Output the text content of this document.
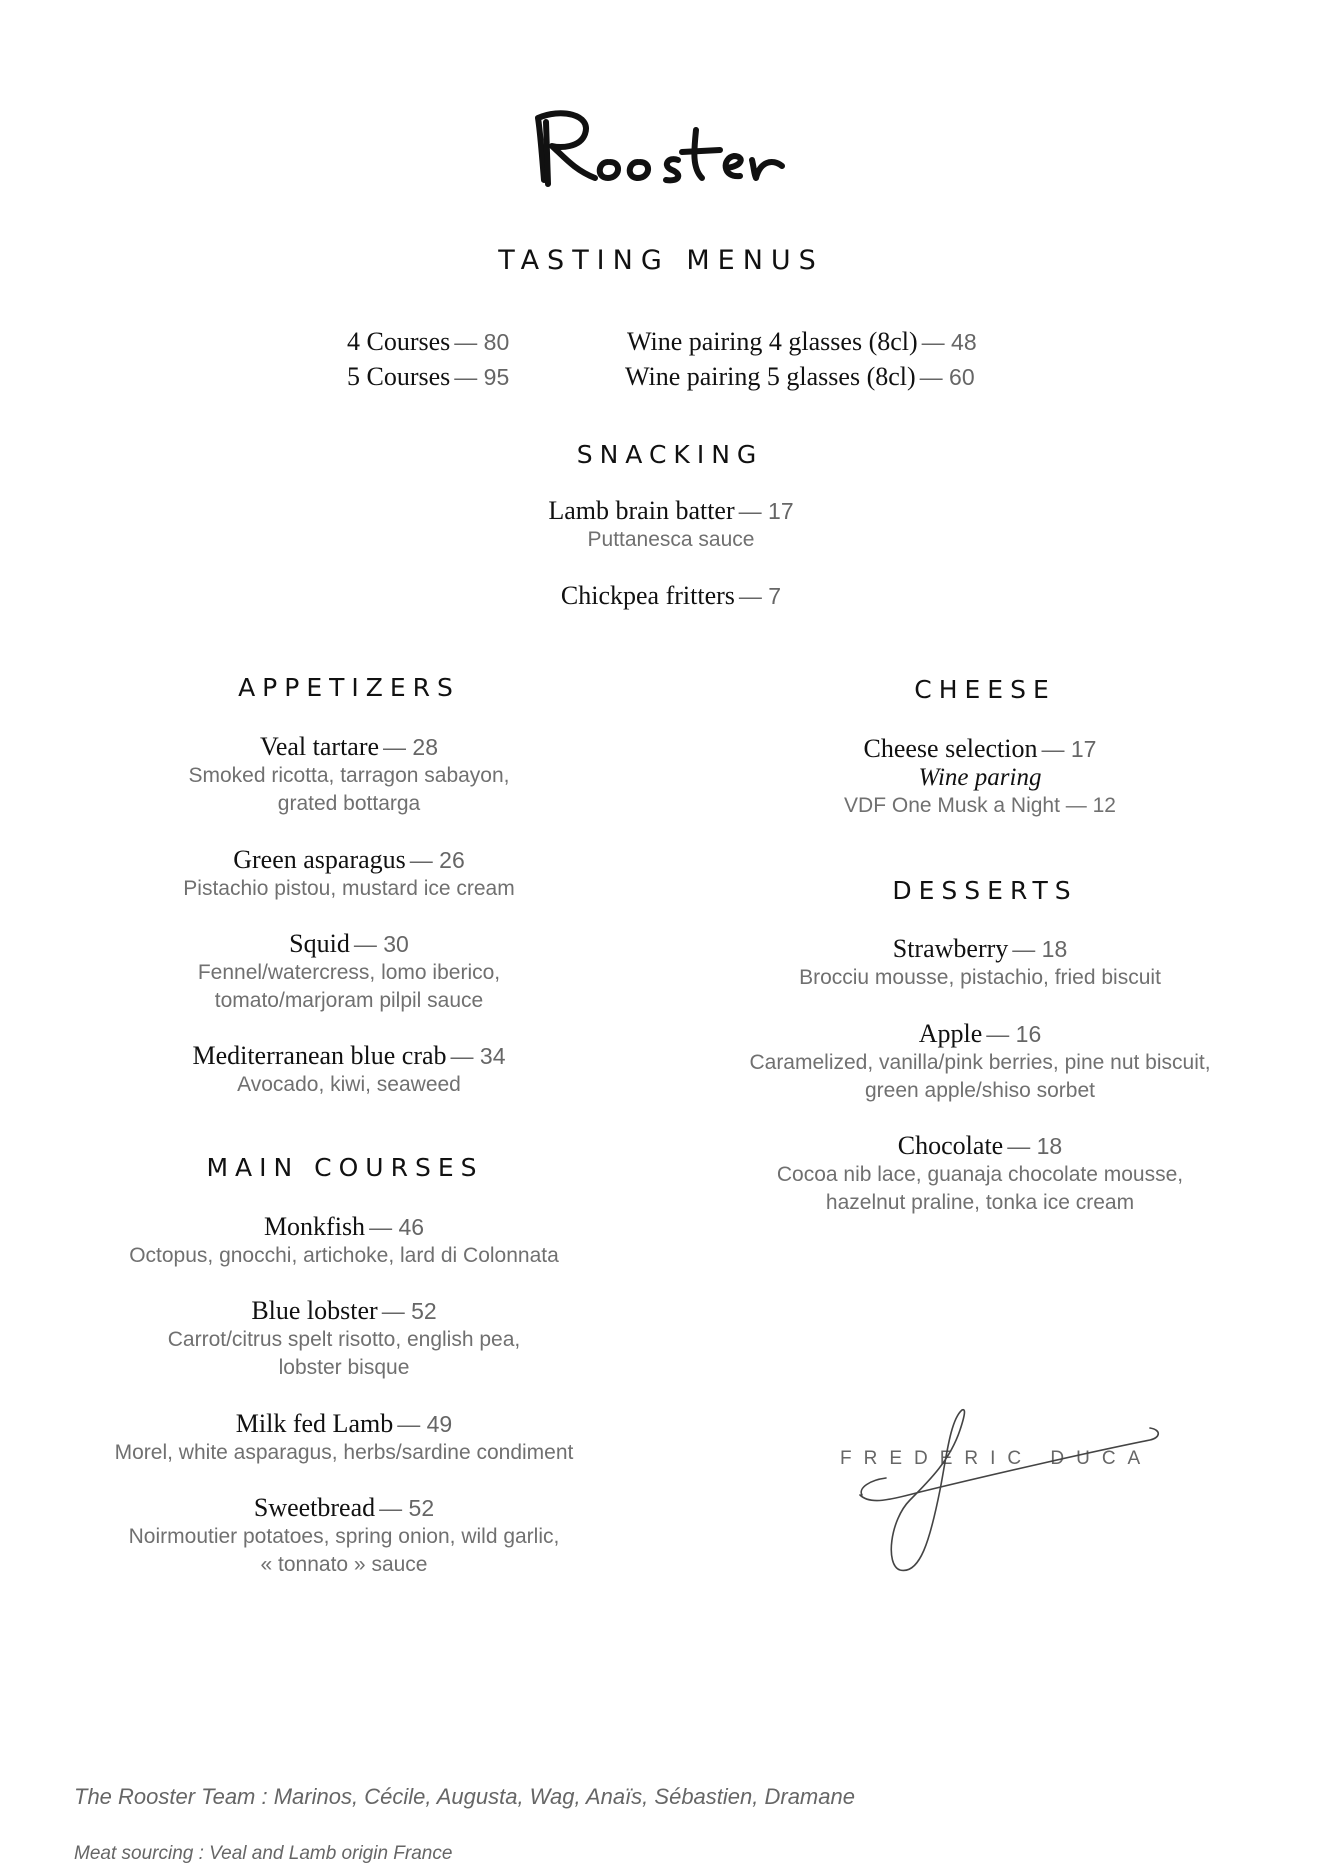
TASTING MENUS
4 Courses — 80
5 Courses — 95
Wine pairing 4 glasses (8cl) — 48
Wine pairing 5 glasses (8cl) — 60
SNACKING
Lamb brain batter — 17
Puttanesca sauce
Chickpea fritters — 7
APPETIZERS
Veal tartare — 28
Smoked ricotta, tarragon sabayon,
grated bottarga
Green asparagus — 26
Pistachio pistou, mustard ice cream
Squid — 30
Fennel/watercress, lomo iberico,
tomato/marjoram pilpil sauce
Mediterranean blue crab — 34
Avocado, kiwi, seaweed
MAIN COURSES
Monkfish — 46
Octopus, gnocchi, artichoke, lard di Colonnata
Blue lobster — 52
Carrot/citrus spelt risotto, english pea,
lobster bisque
Milk fed Lamb — 49
Morel, white asparagus, herbs/sardine condiment
Sweetbread — 52
Noirmoutier potatoes, spring onion, wild garlic,
« tonnato » sauce
CHEESE
Cheese selection — 17
Wine paring
VDF One Musk a Night — 12
DESSERTS
Strawberry — 18
Brocciu mousse, pistachio, fried biscuit
Apple — 16
Caramelized, vanilla/pink berries, pine nut biscuit,
green apple/shiso sorbet
Chocolate — 18
Cocoa nib lace, guanaja chocolate mousse,
hazelnut praline, tonka ice cream
FREDERIC DUCA
The Rooster Team : Marinos, Cécile, Augusta, Wag, Anaïs, Sébastien, Dramane
Meat sourcing : Veal and Lamb origin France
